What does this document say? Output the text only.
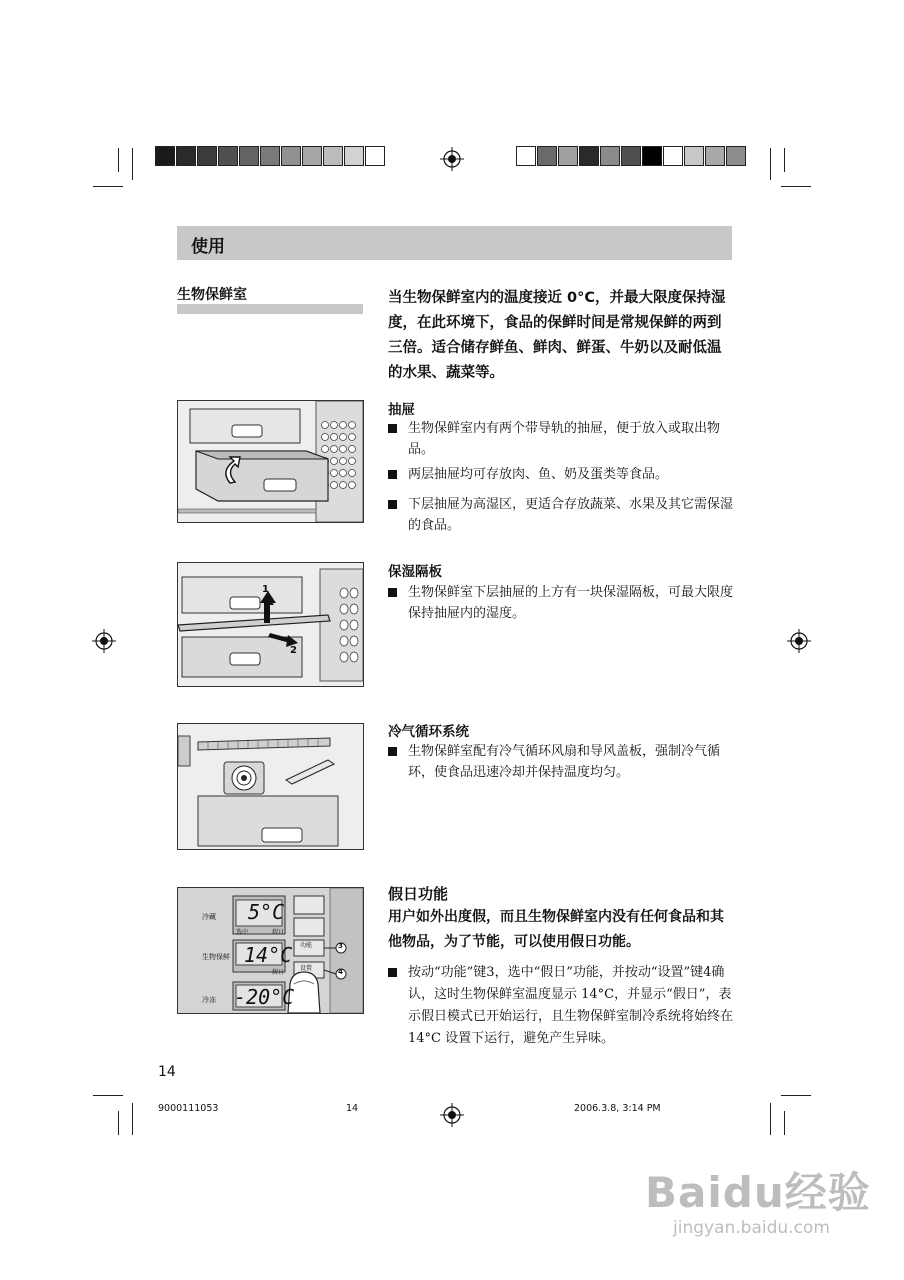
使用
生物保鲜室	当生物保鲜室内的温度接近 0°C，并最大限度保持湿度，在此环境下，食品的保鲜时间是常规保鲜的两到三倍。适合储存鲜鱼、鲜肉、鲜蛋、牛奶以及耐低温的水果、蔬菜等。
抽屉
生物保鲜室内有两个带导轨的抽屉，便于放入或取出物品。
两层抽屉均可存放肉、鱼、奶及蛋类等食品。
下层抽屉为高湿区，更适合存放蔬菜、水果及其它需保湿的食品。
1
2
保湿隔板
生物保鲜室下层抽屉的上方有一块保湿隔板，可最大限度保持抽屉内的湿度。
冷气循环系统
生物保鲜室配有冷气循环风扇和导风盖板，强制冷气循环，使食品迅速冷却并保持温度均匀。
冷藏
生物保鲜
冷冻
5°C
选中	假日
14°C
假日
-20°C
功能
设置
3
4
假日功能
用户如外出度假，而且生物保鲜室内没有任何食品和其他物品，为了节能，可以使用假日功能。
按动“功能”键3，选中“假日”功能，并按动“设置”键4确认，这时生物保鲜室温度显示 14°C，并显示“假日”，表示假日模式已开始运行，且生物保鲜室制冷系统将始终在 14°C 设置下运行，避免产生异味。
14
9000111053	14	2006.3.8, 3:14 PM
Baidu经验
jingyan.baidu.com
